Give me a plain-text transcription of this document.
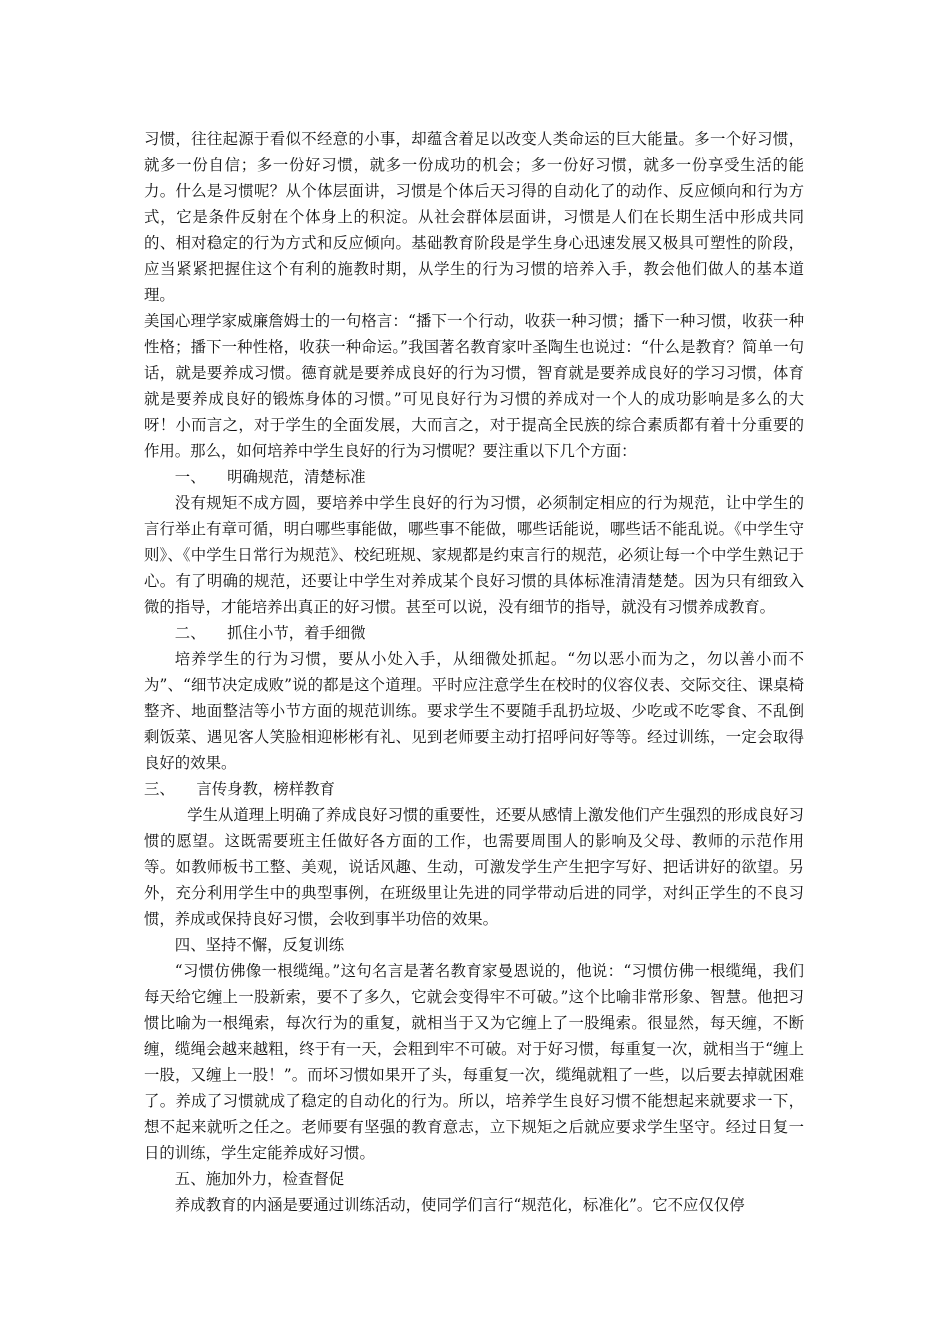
习惯，往往起源于看似不经意的小事，却蕴含着足以改变人类命运的巨大能量。多一个好习惯，就多一份自信；多一份好习惯，就多一份成功的机会；多一份好习惯，就多一份享受生活的能力。什么是习惯呢？从个体层面讲，习惯是个体后天习得的自动化了的动作、反应倾向和行为方式，它是条件反射在个体身上的积淀。从社会群体层面讲，习惯是人们在长期生活中形成共同的、相对稳定的行为方式和反应倾向。基础教育阶段是学生身心迅速发展又极具可塑性的阶段，应当紧紧把握住这个有利的施教时期，从学生的行为习惯的培养入手，教会他们做人的基本道理。

美国心理学家威廉詹姆士的一句格言：“播下一个行动，收获一种习惯；播下一种习惯，收获一种性格；播下一种性格，收获一种命运。”我国著名教育家叶圣陶生也说过：“什么是教育？简单一句话，就是要养成习惯。德育就是要养成良好的行为习惯，智育就是要养成良好的学习习惯，体育就是要养成良好的锻炼身体的习惯。”可见良好行为习惯的养成对一个人的成功影响是多么的大呀！小而言之，对于学生的全面发展，大而言之，对于提高全民族的综合素质都有着十分重要的作用。那么，如何培养中学生良好的行为习惯呢？要注重以下几个方面：

一、 明确规范，清楚标准

没有规矩不成方圆，要培养中学生良好的行为习惯，必须制定相应的行为规范，让中学生的言行举止有章可循，明白哪些事能做，哪些事不能做，哪些话能说，哪些话不能乱说。《中学生守则》、《中学生日常行为规范》、校纪班规、家规都是约束言行的规范，必须让每一个中学生熟记于心。有了明确的规范，还要让中学生对养成某个良好习惯的具体标准清清楚楚。因为只有细致入微的指导，才能培养出真正的好习惯。甚至可以说，没有细节的指导，就没有习惯养成教育。

二、 抓住小节，着手细微

培养学生的行为习惯，要从小处入手，从细微处抓起。“勿以恶小而为之，勿以善小而不为”、“细节决定成败”说的都是这个道理。平时应注意学生在校时的仪容仪表、交际交往、课桌椅整齐、地面整洁等小节方面的规范训练。要求学生不要随手乱扔垃圾、少吃或不吃零食、不乱倒剩饭菜、遇见客人笑脸相迎彬彬有礼、见到老师要主动打招呼问好等等。经过训练，一定会取得良好的效果。

三、 言传身教，榜样教育

学生从道理上明确了养成良好习惯的重要性，还要从感情上激发他们产生强烈的形成良好习惯的愿望。这既需要班主任做好各方面的工作，也需要周围人的影响及父母、教师的示范作用等。如教师板书工整、美观，说话风趣、生动，可激发学生产生把字写好、把话讲好的欲望。另外，充分利用学生中的典型事例，在班级里让先进的同学带动后进的同学，对纠正学生的不良习惯，养成或保持良好习惯，会收到事半功倍的效果。

四、坚持不懈，反复训练

“习惯仿佛像一根缆绳。”这句名言是著名教育家曼恩说的，他说：“习惯仿佛一根缆绳，我们每天给它缠上一股新索，要不了多久，它就会变得牢不可破。”这个比喻非常形象、智慧。他把习惯比喻为一根绳索，每次行为的重复，就相当于又为它缠上了一股绳索。很显然，每天缠，不断缠，缆绳会越来越粗，终于有一天，会粗到牢不可破。对于好习惯，每重复一次，就相当于“缠上一股，又缠上一股！”。而坏习惯如果开了头，每重复一次，缆绳就粗了一些，以后要去掉就困难了。养成了习惯就成了稳定的自动化的行为。所以，培养学生良好习惯不能想起来就要求一下，想不起来就听之任之。老师要有坚强的教育意志，立下规矩之后就应要求学生坚守。经过日复一日的训练，学生定能养成好习惯。

五、施加外力，检查督促

养成教育的内涵是要通过训练活动，使同学们言行“规范化，标准化”。它不应仅仅停
